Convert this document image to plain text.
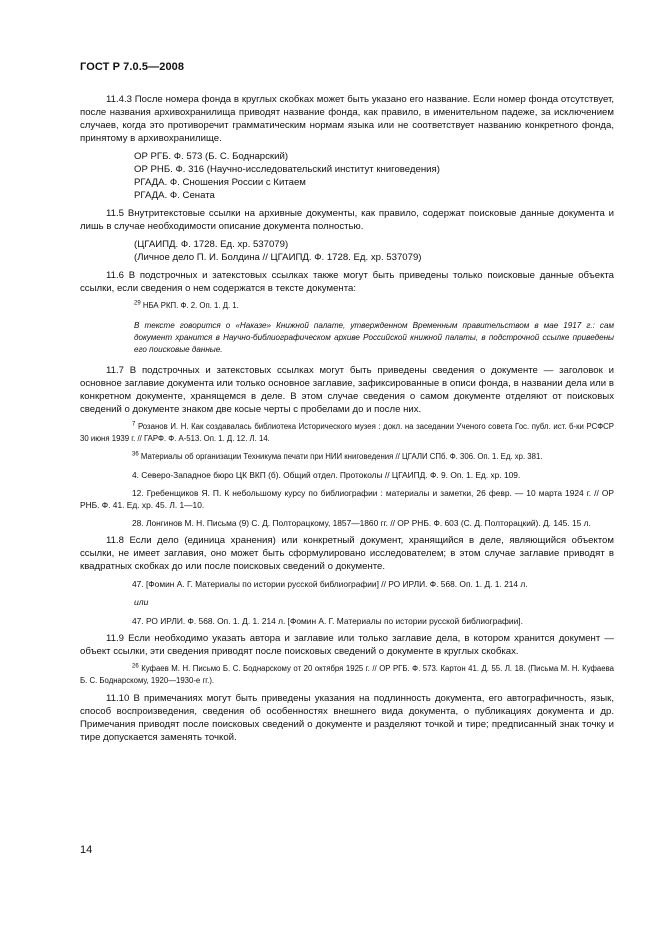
ГОСТ Р 7.0.5—2008

11.4.3 После номера фонда в круглых скобках может быть указано его название. Если номер фонда отсутствует, после названия архивохранилища приводят название фонда, как правило, в именительном падеже, за исключением случаев, когда это противоречит грамматическим нормам языка или не соответствует названию конкретного фонда, принятому в архивохранилище.

ОР РГБ. Ф. 573 (Б. С. Боднарский)

ОР РНБ. Ф. 316 (Научно-исследовательский институт книговедения)

РГАДА. Ф. Сношения России с Китаем

РГАДА. Ф. Сената

11.5 Внутритекстовые ссылки на архивные документы, как правило, содержат поисковые данные документа и лишь в случае необходимости описание документа полностью.

(ЦГАИПД. Ф. 1728. Ед. хр. 537079)

(Личное дело П. И. Болдина // ЦГАИПД. Ф. 1728. Ед. хр. 537079)

11.6 В подстрочных и затекстовых ссылках также могут быть приведены только поисковые данные объекта ссылки, если сведения о нем содержатся в тексте документа:

$^{29}$ НБА РКП. Ф. 2. Оп. 1. Д. 1.

В тексте говорится о «Наказе» Книжной палате, утвержденном Временным правительством в мае 1917 г.: сам документ хранится в Научно-библиографическом архиве Российской книжной палаты, в подстрочной ссылке приведены его поисковые данные.

11.7 В подстрочных и затекстовых ссылках могут быть приведены сведения о документе — заголовок и основное заглавие документа или только основное заглавие, зафиксированные в описи фонда, в названии дела или в конкретном документе, хранящемся в деле. В этом случае сведения о самом документе отделяют от поисковых сведений о документе знаком две косые черты с пробелами до и после них.

$^7$ Розанов И. Н. Как создавалась библиотека Исторического музея : докл. на заседании Ученого совета Гос. публ. ист. б-ки РСФСР 30 июня 1939 г. // ГАРФ. Ф. А-513. Оп. 1. Д. 12. Л. 14.

$^{36}$ Материалы об организации Техникума печати при НИИ книговедения // ЦГАЛИ СПб. Ф. 306. Оп. 1. Ед. хр. 381.

4. Северо-Западное бюро ЦК ВКП (б). Общий отдел. Протоколы // ЦГАИПД. Ф. 9. Оп. 1. Ед. хр. 109.

12. Гребенщиков Я. П. К небольшому курсу по библиографии : материалы и заметки, 26 февр. — 10 марта 1924 г. // ОР РНБ. Ф. 41. Ед. хр. 45. Л. 1—10.

28. Лонгинов М. Н. Письма (9) С. Д. Полторацкому, 1857—1860 гг. // ОР РНБ. Ф. 603 (С. Д. Полторацкий). Д. 145. 15 л.

11.8 Если дело (единица хранения) или конкретный документ, хранящийся в деле, являющийся объектом ссылки, не имеет заглавия, оно может быть сформулировано исследователем; в этом случае заглавие приводят в квадратных скобках до или после поисковых сведений о документе.

47. [Фомин А. Г. Материалы по истории русской библиографии] // РО ИРЛИ. Ф. 568. Оп. 1. Д. 1. 214 л.

или

47. РО ИРЛИ. Ф. 568. Оп. 1. Д. 1. 214 л. [Фомин А. Г. Материалы по истории русской библиографии].

11.9 Если необходимо указать автора и заглавие или только заглавие дела, в котором хранится документ — объект ссылки, эти сведения приводят после поисковых сведений о документе в круглых скобках.

$^{26}$ Куфаев М. Н. Письмо Б. С. Боднарскому от 20 октября 1925 г. // ОР РГБ. Ф. 573. Картон 41. Д. 55. Л. 18. (Письма М. Н. Куфаева Б. С. Боднарскому, 1920—1930-е гг.).

11.10 В примечаниях могут быть приведены указания на подлинность документа, его автографичность, язык, способ воспроизведения, сведения об особенностях внешнего вида документа, о публикациях документа и др. Примечания приводят после поисковых сведений о документе и разделяют точкой и тире; предписанный знак точку и тире допускается заменять точкой.

14
